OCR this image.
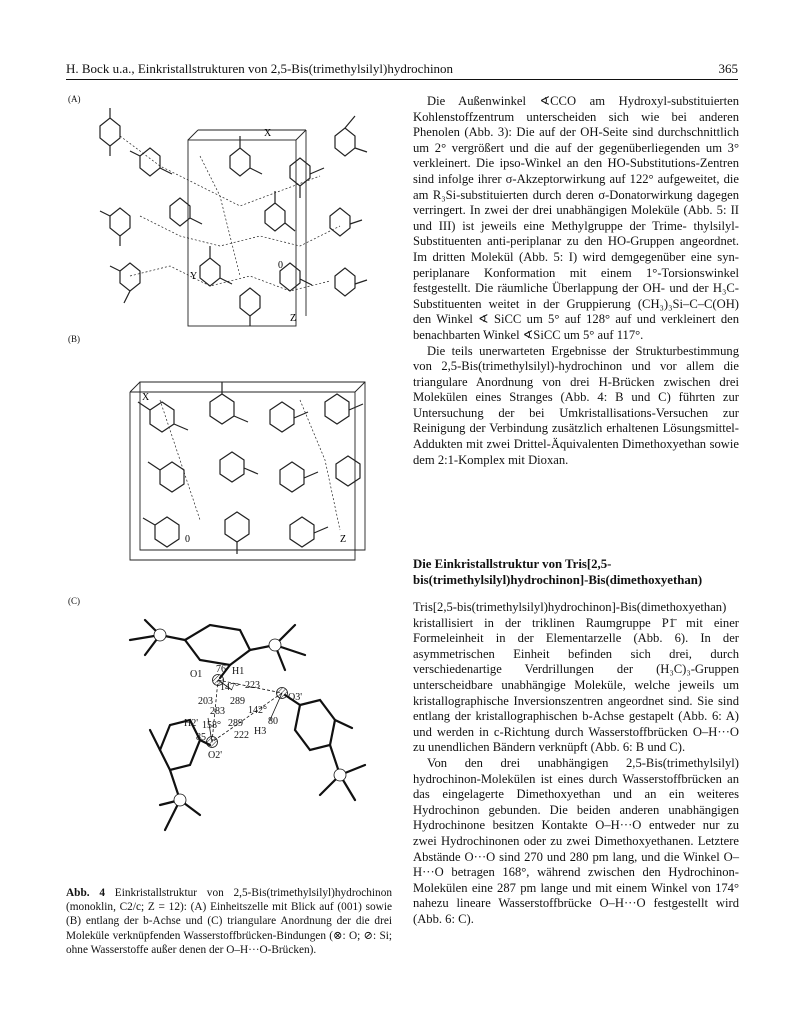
H. Bock u.a., Einkristallstrukturen von 2,5-Bis(trimethylsilyl)hydrochinon	365
(A)
(B)
(C)
X
Y
0
Z
X
0	Z
O1 76 H1
147° 223
O3'
289
203
283 142°
H2' 158° 289	80
85	222 H3
O2'
Abb. 4 Einkristallstruktur von 2,5-Bis(trimethylsilyl)hydrochinon (monoklin, C2/c; Z = 12): (A) Einheitszelle mit Blick auf (001) sowie (B) entlang der b-Achse und (C) triangulare Anordnung der die drei Moleküle verknüpfenden Wasserstoffbrücken-Bindungen (⊗: O; ⊘: Si; ohne Wasserstoffe außer denen der O–H···O-Brücken).

Die Außenwinkel ∢CCO am Hydroxyl-substituierten Kohlenstoffzentrum unterscheiden sich wie bei anderen Phenolen (Abb. 3): Die auf der OH-Seite sind durchschnittlich um 2° vergrößert und die auf der gegenüberliegenden um 3° verkleinert. Die ipso-Winkel an den HO-Substitutions-Zentren sind infolge ihrer σ-Akzeptorwirkung auf 122° aufgeweitet, die am R₃Si-substituierten durch deren σ-Donatorwirkung dagegen verringert. In zwei der drei unabhängigen Moleküle (Abb. 5: II und III) ist jeweils eine Methylgruppe der Trime- thylsilyl-Substituenten anti-periplanar zu den HO-Gruppen angeordnet. Im dritten Molekül (Abb. 5: I) wird demgegenüber eine syn-periplanare Konformation mit einem 1°-Torsionswinkel festgestellt. Die räumliche Überlappung der OH- und der H₃C-Substituenten weitet in der Gruppierung (CH₃)₃Si–C–C(OH) den Winkel ∢ SiCC um 5° auf 128° auf und verkleinert den benachbarten Winkel ∢SiCC um 5° auf 117°.

Die teils unerwarteten Ergebnisse der Strukturbestimmung von 2,5-Bis(trimethylsilyl)-hydrochinon und vor allem die triangulare Anordnung von drei H-Brücken zwischen drei Molekülen eines Stranges (Abb. 4: B und C) führten zur Untersuchung der bei Umkristallisations-Versuchen zur Reinigung der Verbindung zusätzlich erhaltenen Lösungsmittel-Addukten mit zwei Drittel-Äquivalenten Dimethoxyethan sowie dem 2:1-Komplex mit Dioxan.

Die Einkristallstruktur von Tris[2,5-bis(trimethylsilyl)hydrochinon]-Bis(dimethoxyethan)

Tris[2,5-bis(trimethylsilyl)hydrochinon]-Bis(dimethoxyethan) kristallisiert in der triklinen Raumgruppe P1̄ mit einer Formeleinheit in der Elementarzelle (Abb. 6). In der asymmetrischen Einheit befinden sich drei, durch verschiedenartige Verdrillungen der (H₃C)₃-Gruppen unterscheidbare unabhängige Moleküle, welche jeweils um kristallographische Inversionszentren angeordnet sind. Sie sind entlang der kristallographischen b-Achse gestapelt (Abb. 6: A) und werden in c-Richtung durch Wasserstoffbrücken O–H···O zu unendlichen Bändern verknüpft (Abb. 6: B und C).

Von den drei unabhängigen 2,5-Bis(trimethylsilyl) hydrochinon-Molekülen ist eines durch Wasserstoffbrücken an das eingelagerte Dimethoxyethan und an ein weiteres Hydrochinon gebunden. Die beiden anderen unabhängigen Hydrochinone besitzen Kontakte O–H···O entweder nur zu zwei Hydrochinonen oder zu zwei Dimethoxyethanen. Letztere Abstände O···O sind 270 und 280 pm lang, und die Winkel O–H···O betragen 168°, während zwischen den Hydrochinon-Molekülen eine 287 pm lange und mit einem Winkel von 174° nahezu lineare Wasserstoffbrücke O–H···O festgestellt wird (Abb. 6: C).
